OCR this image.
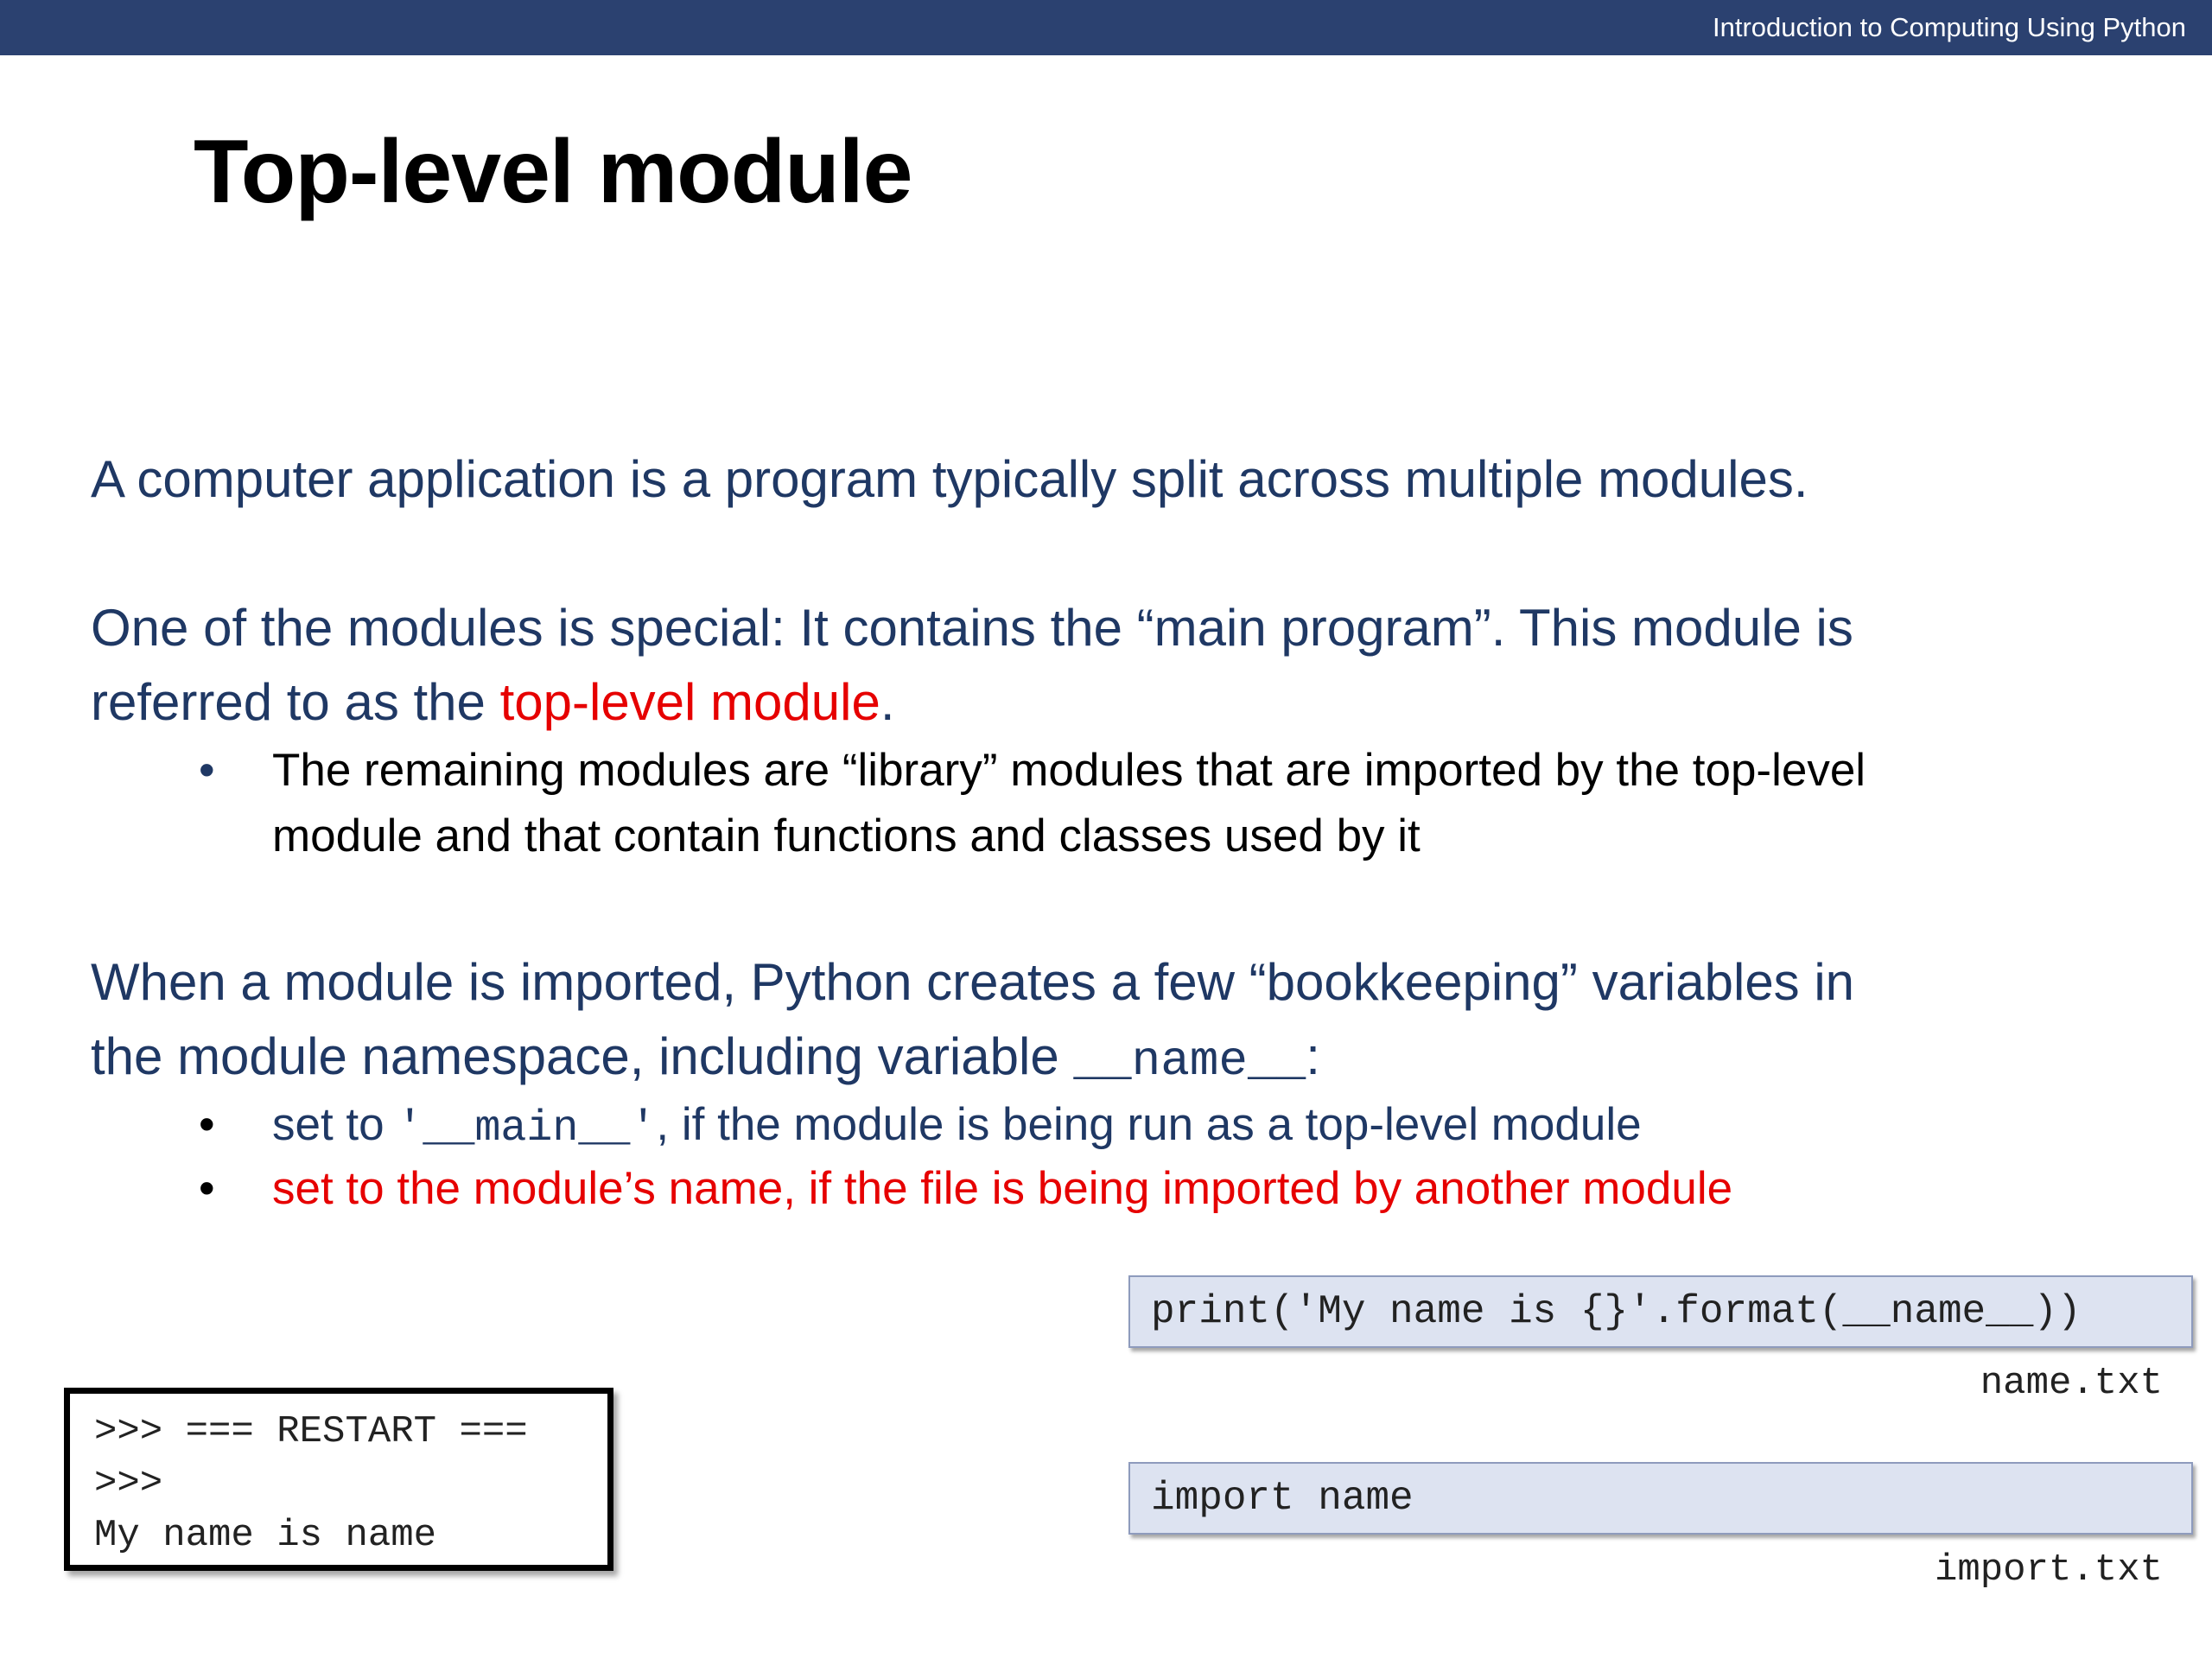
Introduction to Computing Using Python
Top-level module

A computer application is a program typically split across multiple modules.

One of the modules is special: It contains the “main program”. This module is
referred to as the top-level module.
•	The remaining modules are “library” modules that are imported by the top-level
module and that contain functions and classes used by it
When a module is imported, Python creates a few “bookkeeping” variables in
the module namespace, including variable __name__:
•	set to '__main__', if the module is being run as a top-level module
•	set to the module’s name, if the file is being imported by another module
print('My name is {}'.format(__name__))
name.txt
import name
import.txt
>>> === RESTART ===
>>>
My name is name
